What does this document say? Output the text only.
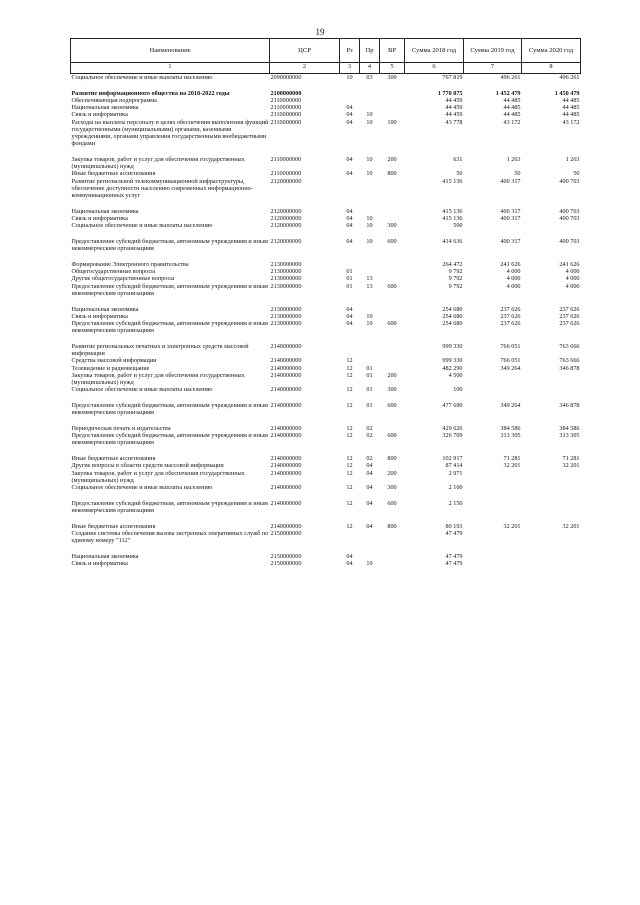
19
Наименование	ЦСР	Рз	Пр	ВР	Сумма 2018 год	Сумма 2019 год	Сумма 2020 год
1	2	3	4	5	6	7	8
Социальное обеспечение и иные выплаты населению	2090000000	10	03	300	767 819	496 261	496 261

Развитие информационного общества на 2018-2022 годы	2100000000				1 770 875	1 452 479	1 450 479
Обеспечивающая подпрограмма	2110000000				44 459	44 485	44 485
Национальная экономика	2110000000	04			44 459	44 485	44 485
Связь и информатика	2110000000	04	10		44 459	44 485	44 485
Расходы на выплаты персоналу в целях обеспечения выполнения функций государственными (муниципальными) органами, казенными учреждениями, органами управления государственными внебюджетными фондами	2110000000	04	10	100	43 778	43 172	43 172

Закупка товаров, работ и услуг для обеспечения государственных (муниципальных) нужд	2110000000	04	10	200	631	1 263	1 263
Иные бюджетные ассигнования	2110000000	04	10	800	50	50	50
Развитие региональной телекоммуникационной инфраструктуры, обеспечение доступности населению современных информационно-коммуникационных услуг	2120000000				415 136	400 317	400 703

Национальная экономика	2120000000	04			415 136	400 317	400 703
Связь и информатика	2120000000	04	10		415 136	400 317	400 703
Социальное обеспечение и иные выплаты населению	2120000000	04	10	300	500		

Предоставление субсидий бюджетным, автономным учреждениям и иным некоммерческим организациям	2120000000	04	10	600	414 636	400 317	400 703

Формирование Электронного правительства	2130000000				264 472	241 626	241 626
Общегосударственные вопросы	2130000000	01			9 792	4 000	4 000
Другие общегосударственные вопросы	2130000000	01	13		9 792	4 000	4 000
Предоставление субсидий бюджетным, автономным учреждениям и иным некоммерческим организациям	2130000000	01	13	600	9 792	4 000	4 000

Национальная экономика	2130000000	04			254 680	237 626	237 626
Связь и информатика	2130000000	04	10		254 680	237 626	237 626
Предоставление субсидий бюджетным, автономным учреждениям и иным некоммерческим организациям	2130000000	04	10	600	254 680	237 626	237 626

Развитие региональных печатных и электронных средств массовой информации	2140000000				999 330	766 051	763 666
Средства массовой информации	2140000000	12			999 330	766 051	763 666
Телевидение и радиовещание	2140000000	12	01		482 290	349 264	346 878
Закупка товаров, работ и услуг для обеспечения государственных (муниципальных) нужд	2140000000	12	01	200	4 500		
Социальное обеспечение и иные выплаты населению	2140000000	12	01	300	100		

Предоставление субсидий бюджетным, автономным учреждениям и иным некоммерческим организациям	2140000000	12	01	600	477 690	349 264	346 878

Периодическая печать и издательства	2140000000	12	02		429 626	384 586	384 586
Предоставление субсидий бюджетным, автономным учреждениям и иным некоммерческим организациям	2140000000	12	02	600	326 709	313 305	313 305

Иные бюджетные ассигнования	2140000000	12	02	800	102 917	71 281	71 281
Другие вопросы в области средств массовой информации	2140000000	12	04		87 414	32 201	32 201
Закупка товаров, работ и услуг для обеспечения государственных (муниципальных) нужд	2140000000	12	04	200	2 971		
Социальное обеспечение и иные выплаты населению	2140000000	12	04	300	2 100		

Предоставление субсидий бюджетным, автономным учреждениям и иным некоммерческим организациям	2140000000	12	04	600	2 150		

Иные бюджетные ассигнования	2140000000	12	04	800	80 193	32 201	32 201
Создание системы обеспечения вызова экстренных оперативных служб по единому номеру "112"	2150000000				47 479		

Национальная экономика	2150000000	04			47 479		
Связь и информатика	2150000000	04	10		47 479		
